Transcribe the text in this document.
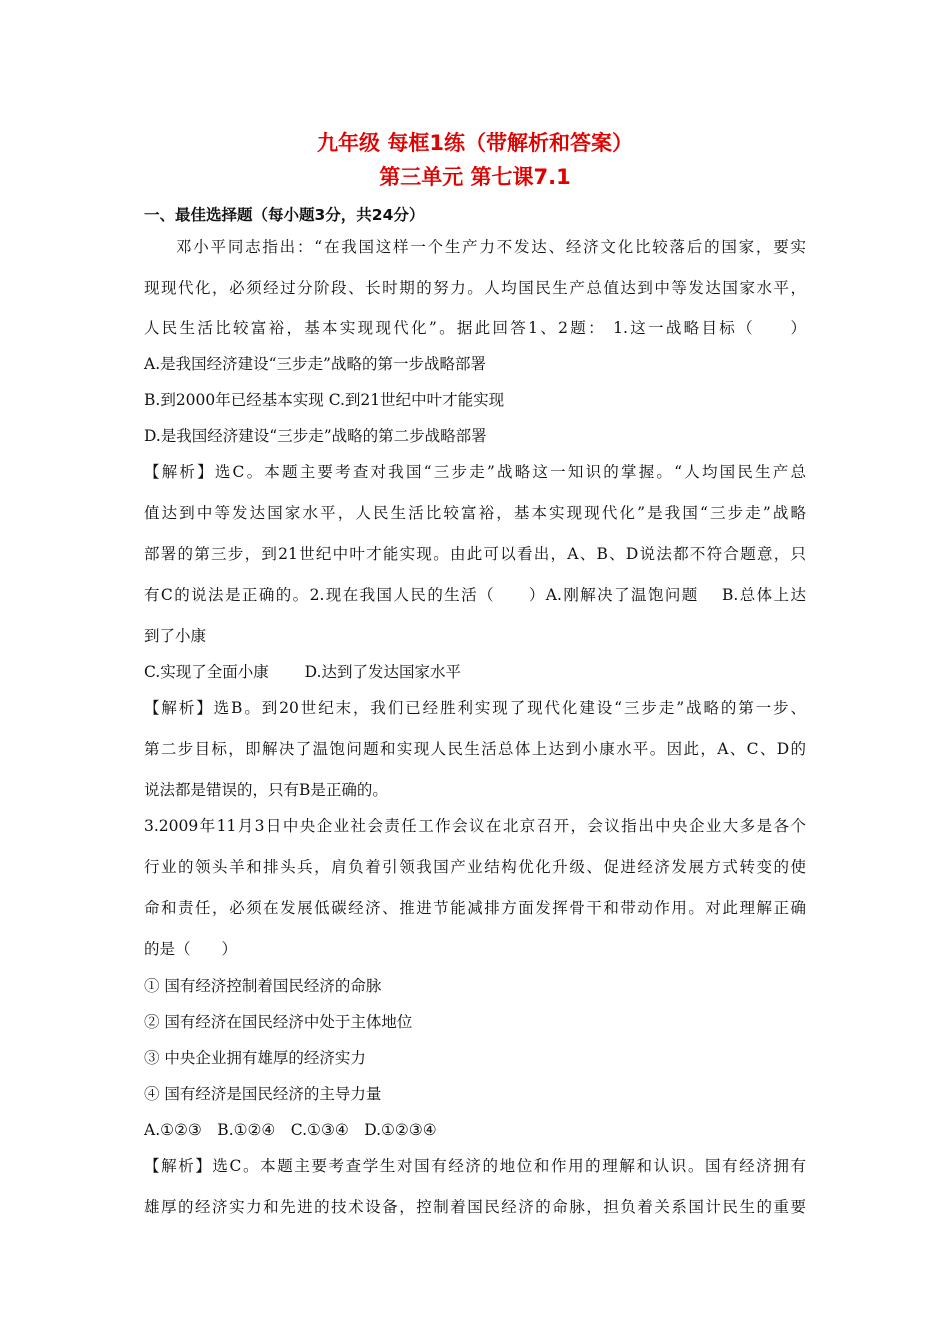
九年级 每框1练（带解析和答案）
第三单元 第七课7.1
一、最佳选择题（每小题3分，共24分）
邓小平同志指出：“在我国这样一个生产力不发达、经济文化比较落后的国家，要实
现现代化，必须经过分阶段、长时期的努力。人均国民生产总值达到中等发达国家水平，
人民生活比较富裕，基本实现现代化”。据此回答1、2题： 1.这一战略目标（　　）
A.是我国经济建设“三步走”战略的第一步战略部署
B.到2000年已经基本实现 C.到21世纪中叶才能实现
D.是我国经济建设“三步走”战略的第二步战略部署
【解析】选C。本题主要考查对我国“三步走”战略这一知识的掌握。“人均国民生产总
值达到中等发达国家水平，人民生活比较富裕，基本实现现代化”是我国“三步走”战略
部署的第三步，到21世纪中叶才能实现。由此可以看出，A、B、D说法都不符合题意，只
有C的说法是正确的。2.现在我国人民的生活（　　）A.刚解决了温饱问题　 B.总体上达
到了小康
C.实现了全面小康　　 D.达到了发达国家水平
【解析】选B。到20世纪末，我们已经胜利实现了现代化建设“三步走”战略的第一步、
第二步目标，即解决了温饱问题和实现人民生活总体上达到小康水平。因此，A、C、D的
说法都是错误的，只有B是正确的。
3.2009年11月3日中央企业社会责任工作会议在北京召开，会议指出中央企业大多是各个
行业的领头羊和排头兵，肩负着引领我国产业结构优化升级、促进经济发展方式转变的使
命和责任，必须在发展低碳经济、推进节能减排方面发挥骨干和带动作用。对此理解正确
的是（　　）
① 国有经济控制着国民经济的命脉
② 国有经济在国民经济中处于主体地位
③ 中央企业拥有雄厚的经济实力
④ 国有经济是国民经济的主导力量
A.①②③　B.①②④　C.①③④　D.①②③④
【解析】选C。本题主要考查学生对国有经济的地位和作用的理解和认识。国有经济拥有
雄厚的经济实力和先进的技术设备，控制着国民经济的命脉，担负着关系国计民生的重要
